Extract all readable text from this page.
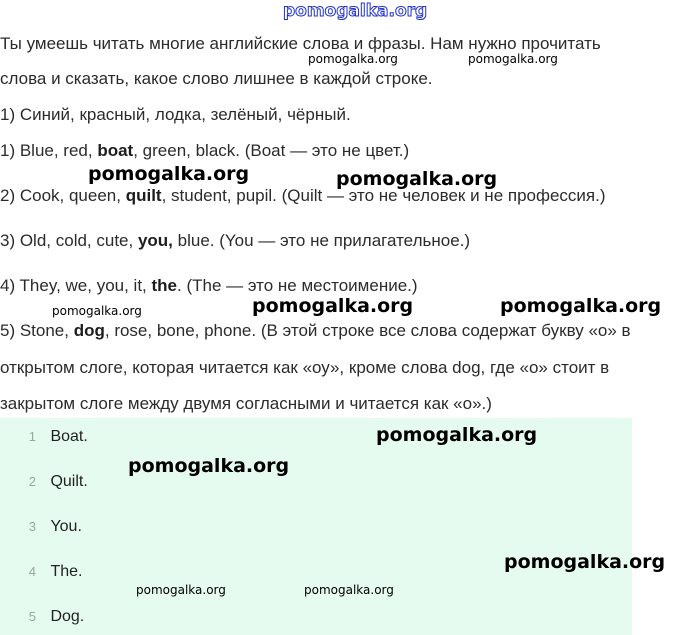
pomogalka.org
pomogalka.org	pomogalka.org
pomogalka.org	pomogalka.org
pomogalka.org	pomogalka.org	pomogalka.org
Ты умеешь читать многие английские слова и фразы. Нам нужно прочитать
слова и сказать, какое слово лишнее в каждой строке.
1) Синий, красный, лодка, зелёный, чёрный.
1) Blue, red, boat, green, black. (Boat — это не цвет.)
2) Cook, queen, quilt, student, pupil. (Quilt — это не человек и не профессия.)
3) Old, cold, cute, you, blue. (You — это не прилагательное.)
4) They, we, you, it, the. (The — это не местоимение.)
5) Stone, dog, rose, bone, phone. (В этой строке все слова содержат букву «о» в
открытом слоге, которая читается как «оу», кроме слова dog, где «о» стоит в
закрытом слоге между двумя согласными и читается как «о».)
1 Boat.
2 Quilt.
3 You.
4 The.
5 Dog.
pomogalka.org
pomogalka.org
pomogalka.org
pomogalka.org	pomogalka.org
